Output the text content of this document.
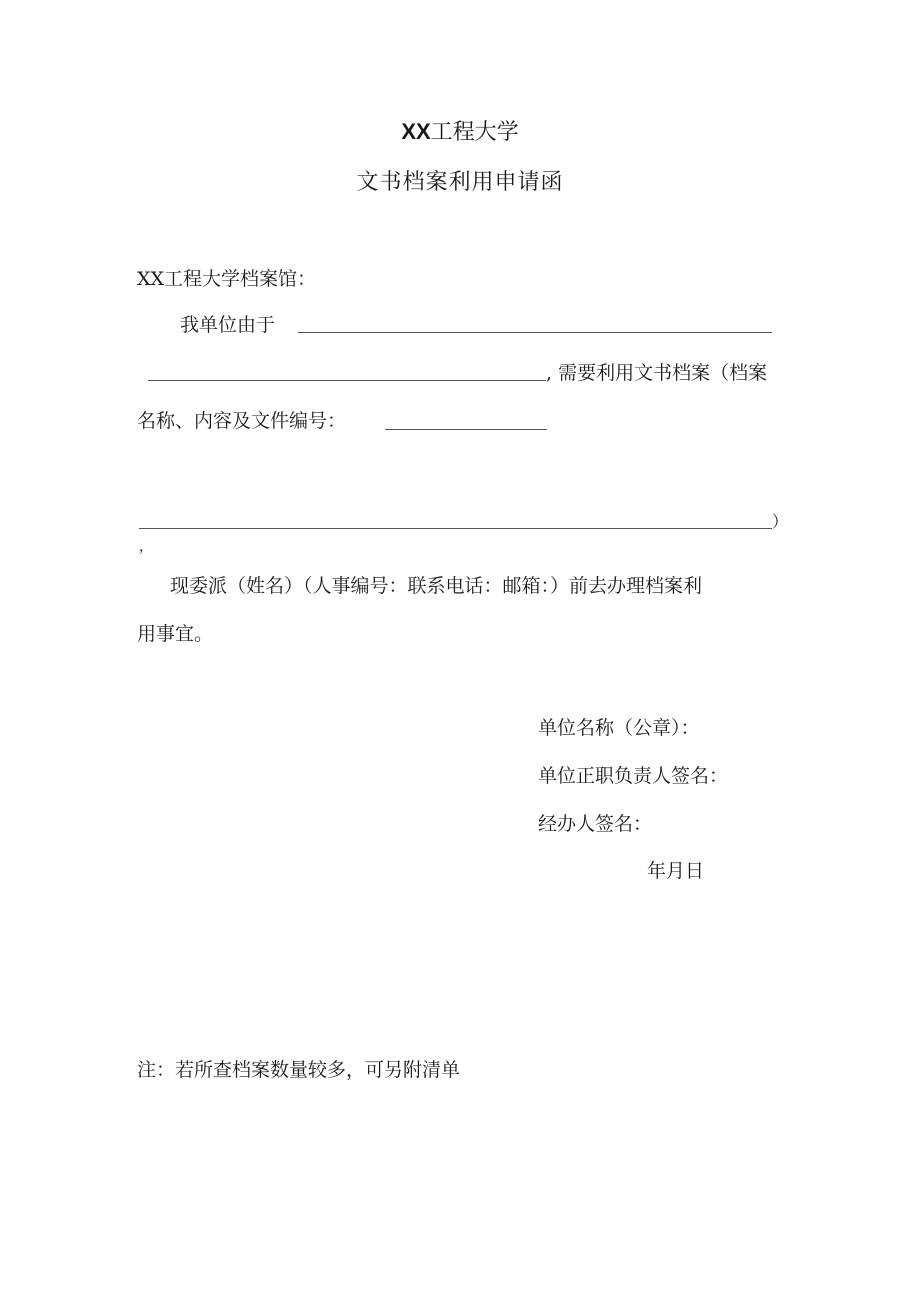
XX工程大学
文书档案利用申请函
XX工程大学档案馆：
我单位由于
, 需要利用文书档案（档案
名称、内容及文件编号：
）
，
现委派（姓名）（人事编号：联系电话：邮箱：）前去办理档案利
用事宜。
单位名称（公章）：
单位正职负责人签名：
经办人签名：
年月日
注：若所查档案数量较多，可另附清单
